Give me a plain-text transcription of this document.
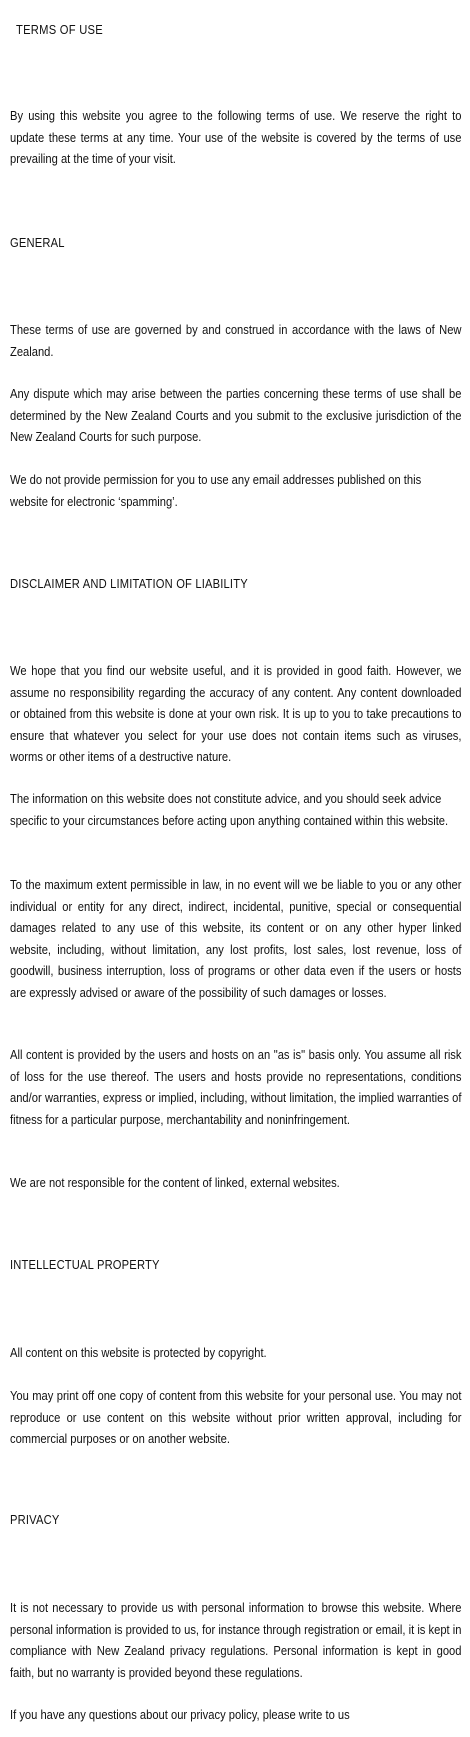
TERMS OF USE

By using this website you agree to the following terms of use. We reserve the right to update these terms at any time. Your use of the website is covered by the terms of use prevailing at the time of your visit.

GENERAL

These terms of use are governed by and construed in accordance with the laws of New Zealand.

Any dispute which may arise between the parties concerning these terms of use shall be determined by the New Zealand Courts and you submit to the exclusive jurisdiction of the New Zealand Courts for such purpose.

We do not provide permission for you to use any email addresses published on this website for electronic ‘spamming’.

DISCLAIMER AND LIMITATION OF LIABILITY

We hope that you find our website useful, and it is provided in good faith. However, we assume no responsibility regarding the accuracy of any content. Any content downloaded or obtained from this website is done at your own risk. It is up to you to take precautions to ensure that whatever you select for your use does not contain items such as viruses, worms or other items of a destructive nature.

The information on this website does not constitute advice, and you should seek advice specific to your circumstances before acting upon anything contained within this website.

To the maximum extent permissible in law, in no event will we be liable to you or any other individual or entity for any direct, indirect, incidental, punitive, special or consequential damages related to any use of this website, its content or on any other hyper linked website, including, without limitation, any lost profits, lost sales, lost revenue, loss of goodwill, business interruption, loss of programs or other data even if the users or hosts are expressly advised or aware of the possibility of such damages or losses.

All content is provided by the users and hosts on an "as is" basis only. You assume all risk of loss for the use thereof. The users and hosts provide no representations, conditions and/or warranties, express or implied, including, without limitation, the implied warranties of fitness for a particular purpose, merchantability and noninfringement.

We are not responsible for the content of linked, external websites.

INTELLECTUAL PROPERTY

All content on this website is protected by copyright.

You may print off one copy of content from this website for your personal use. You may not reproduce or use content on this website without prior written approval, including for commercial purposes or on another website.

PRIVACY

It is not necessary to provide us with personal information to browse this website. Where personal information is provided to us, for instance through registration or email, it is kept in compliance with New Zealand privacy regulations. Personal information is kept in good faith, but no warranty is provided beyond these regulations.

If you have any questions about our privacy policy, please write to us
